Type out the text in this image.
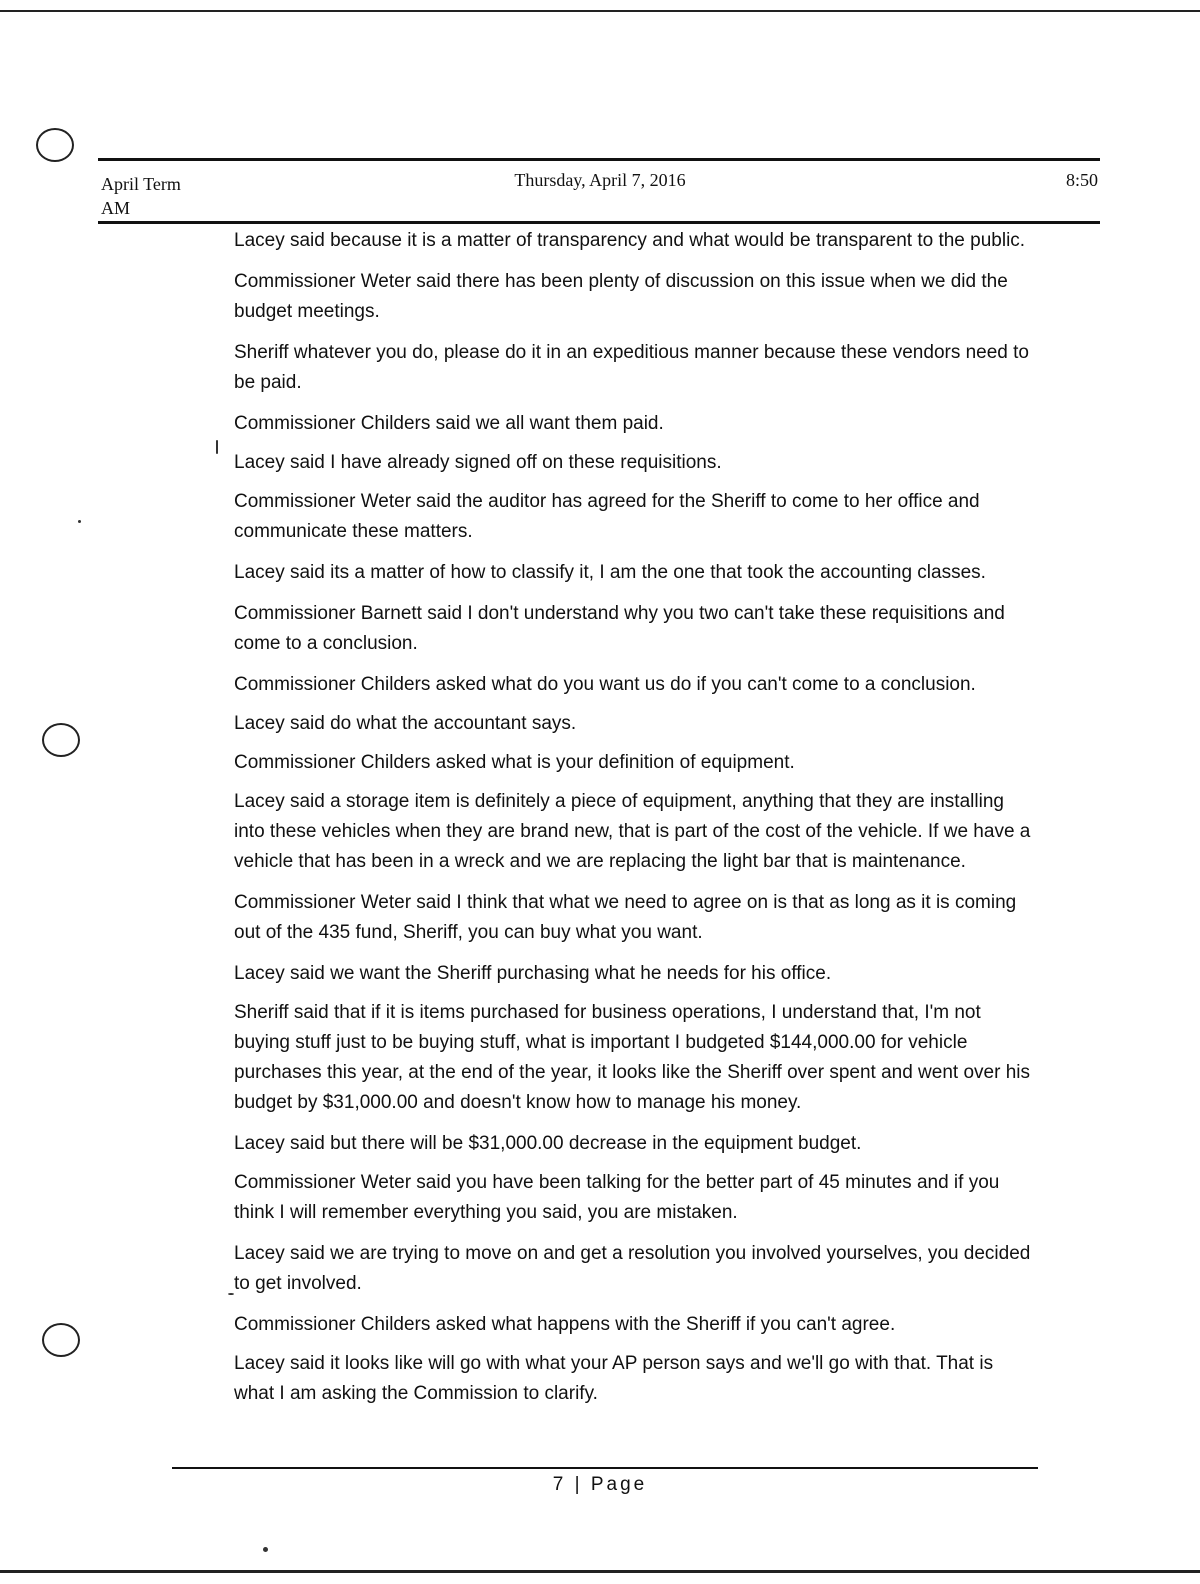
April Term
AM
Thursday, April 7, 2016	8:50

Lacey said because it is a matter of transparency and what would be transparent to the public.

Commissioner Weter said there has been plenty of discussion on this issue when we did the budget meetings.

Sheriff whatever you do, please do it in an expeditious manner because these vendors need to be paid.

Commissioner Childers said we all want them paid.

Lacey said I have already signed off on these requisitions.

Commissioner Weter said the auditor has agreed for the Sheriff to come to her office and communicate these matters.

Lacey said its a matter of how to classify it, I am the one that took the accounting classes.

Commissioner Barnett said I don't understand why you two can't take these requisitions and come to a conclusion.

Commissioner Childers asked what do you want us do if you can't come to a conclusion.

Lacey said do what the accountant says.

Commissioner Childers asked what is your definition of equipment.

Lacey said a storage item is definitely a piece of equipment, anything that they are installing into these vehicles when they are brand new, that is part of the cost of the vehicle. If we have a vehicle that has been in a wreck and we are replacing the light bar that is maintenance.

Commissioner Weter said I think that what we need to agree on is that as long as it is coming out of the 435 fund, Sheriff, you can buy what you want.

Lacey said we want the Sheriff purchasing what he needs for his office.

Sheriff said that if it is items purchased for business operations, I understand that, I'm not buying stuff just to be buying stuff, what is important I budgeted $144,000.00 for vehicle purchases this year, at the end of the year, it looks like the Sheriff over spent and went over his budget by $31,000.00 and doesn't know how to manage his money.

Lacey said but there will be $31,000.00 decrease in the equipment budget.

Commissioner Weter said you have been talking for the better part of 45 minutes and if you think I will remember everything you said, you are mistaken.

Lacey said we are trying to move on and get a resolution you involved yourselves, you decided to get involved.

Commissioner Childers asked what happens with the Sheriff if you can't agree.

Lacey said it looks like will go with what your AP person says and we'll go with that. That is what I am asking the Commission to clarify.

7 | Page
